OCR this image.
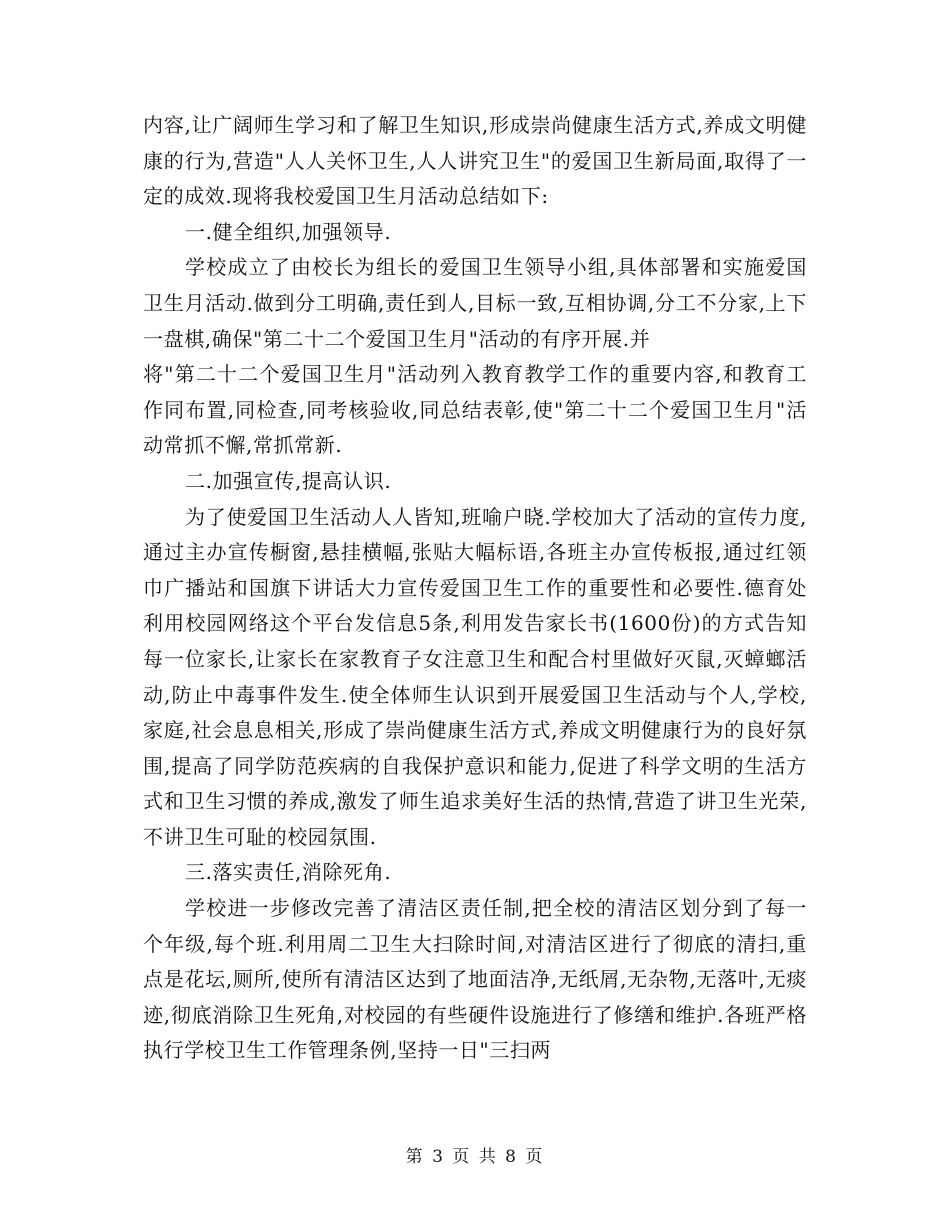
内容,让广阔师生学习和了解卫生知识,形成崇尚健康生活方式,养成文明健康的行为,营造"人人关怀卫生,人人讲究卫生"的爱国卫生新局面,取得了一定的成效.现将我校爱国卫生月活动总结如下:

一.健全组织,加强领导.

学校成立了由校长为组长的爱国卫生领导小组,具体部署和实施爱国卫生月活动.做到分工明确,责任到人,目标一致,互相协调,分工不分家,上下一盘棋,确保"第二十二个爱国卫生月"活动的有序开展.并

将"第二十二个爱国卫生月"活动列入教育教学工作的重要内容,和教育工作同布置,同检查,同考核验收,同总结表彰,使"第二十二个爱国卫生月"活动常抓不懈,常抓常新.

二.加强宣传,提高认识.

为了使爱国卫生活动人人皆知,班喻户晓.学校加大了活动的宣传力度,通过主办宣传橱窗,悬挂横幅,张贴大幅标语,各班主办宣传板报,通过红领巾广播站和国旗下讲话大力宣传爱国卫生工作的重要性和必要性.德育处利用校园网络这个平台发信息5条,利用发告家长书(1600份)的方式告知每一位家长,让家长在家教育子女注意卫生和配合村里做好灭鼠,灭蟑螂活动,防止中毒事件发生.使全体师生认识到开展爱国卫生活动与个人,学校,家庭,社会息息相关,形成了崇尚健康生活方式,养成文明健康行为的良好氛围,提高了同学防范疾病的自我保护意识和能力,促进了科学文明的生活方式和卫生习惯的养成,激发了师生追求美好生活的热情,营造了讲卫生光荣,不讲卫生可耻的校园氛围.

三.落实责任,消除死角.

学校进一步修改完善了清洁区责任制,把全校的清洁区划分到了每一个年级,每个班.利用周二卫生大扫除时间,对清洁区进行了彻底的清扫,重点是花坛,厕所,使所有清洁区达到了地面洁净,无纸屑,无杂物,无落叶,无痰迹,彻底消除卫生死角,对校园的有些硬件设施进行了修缮和维护.各班严格执行学校卫生工作管理条例,坚持一日"三扫两

第 3 页 共 8 页
